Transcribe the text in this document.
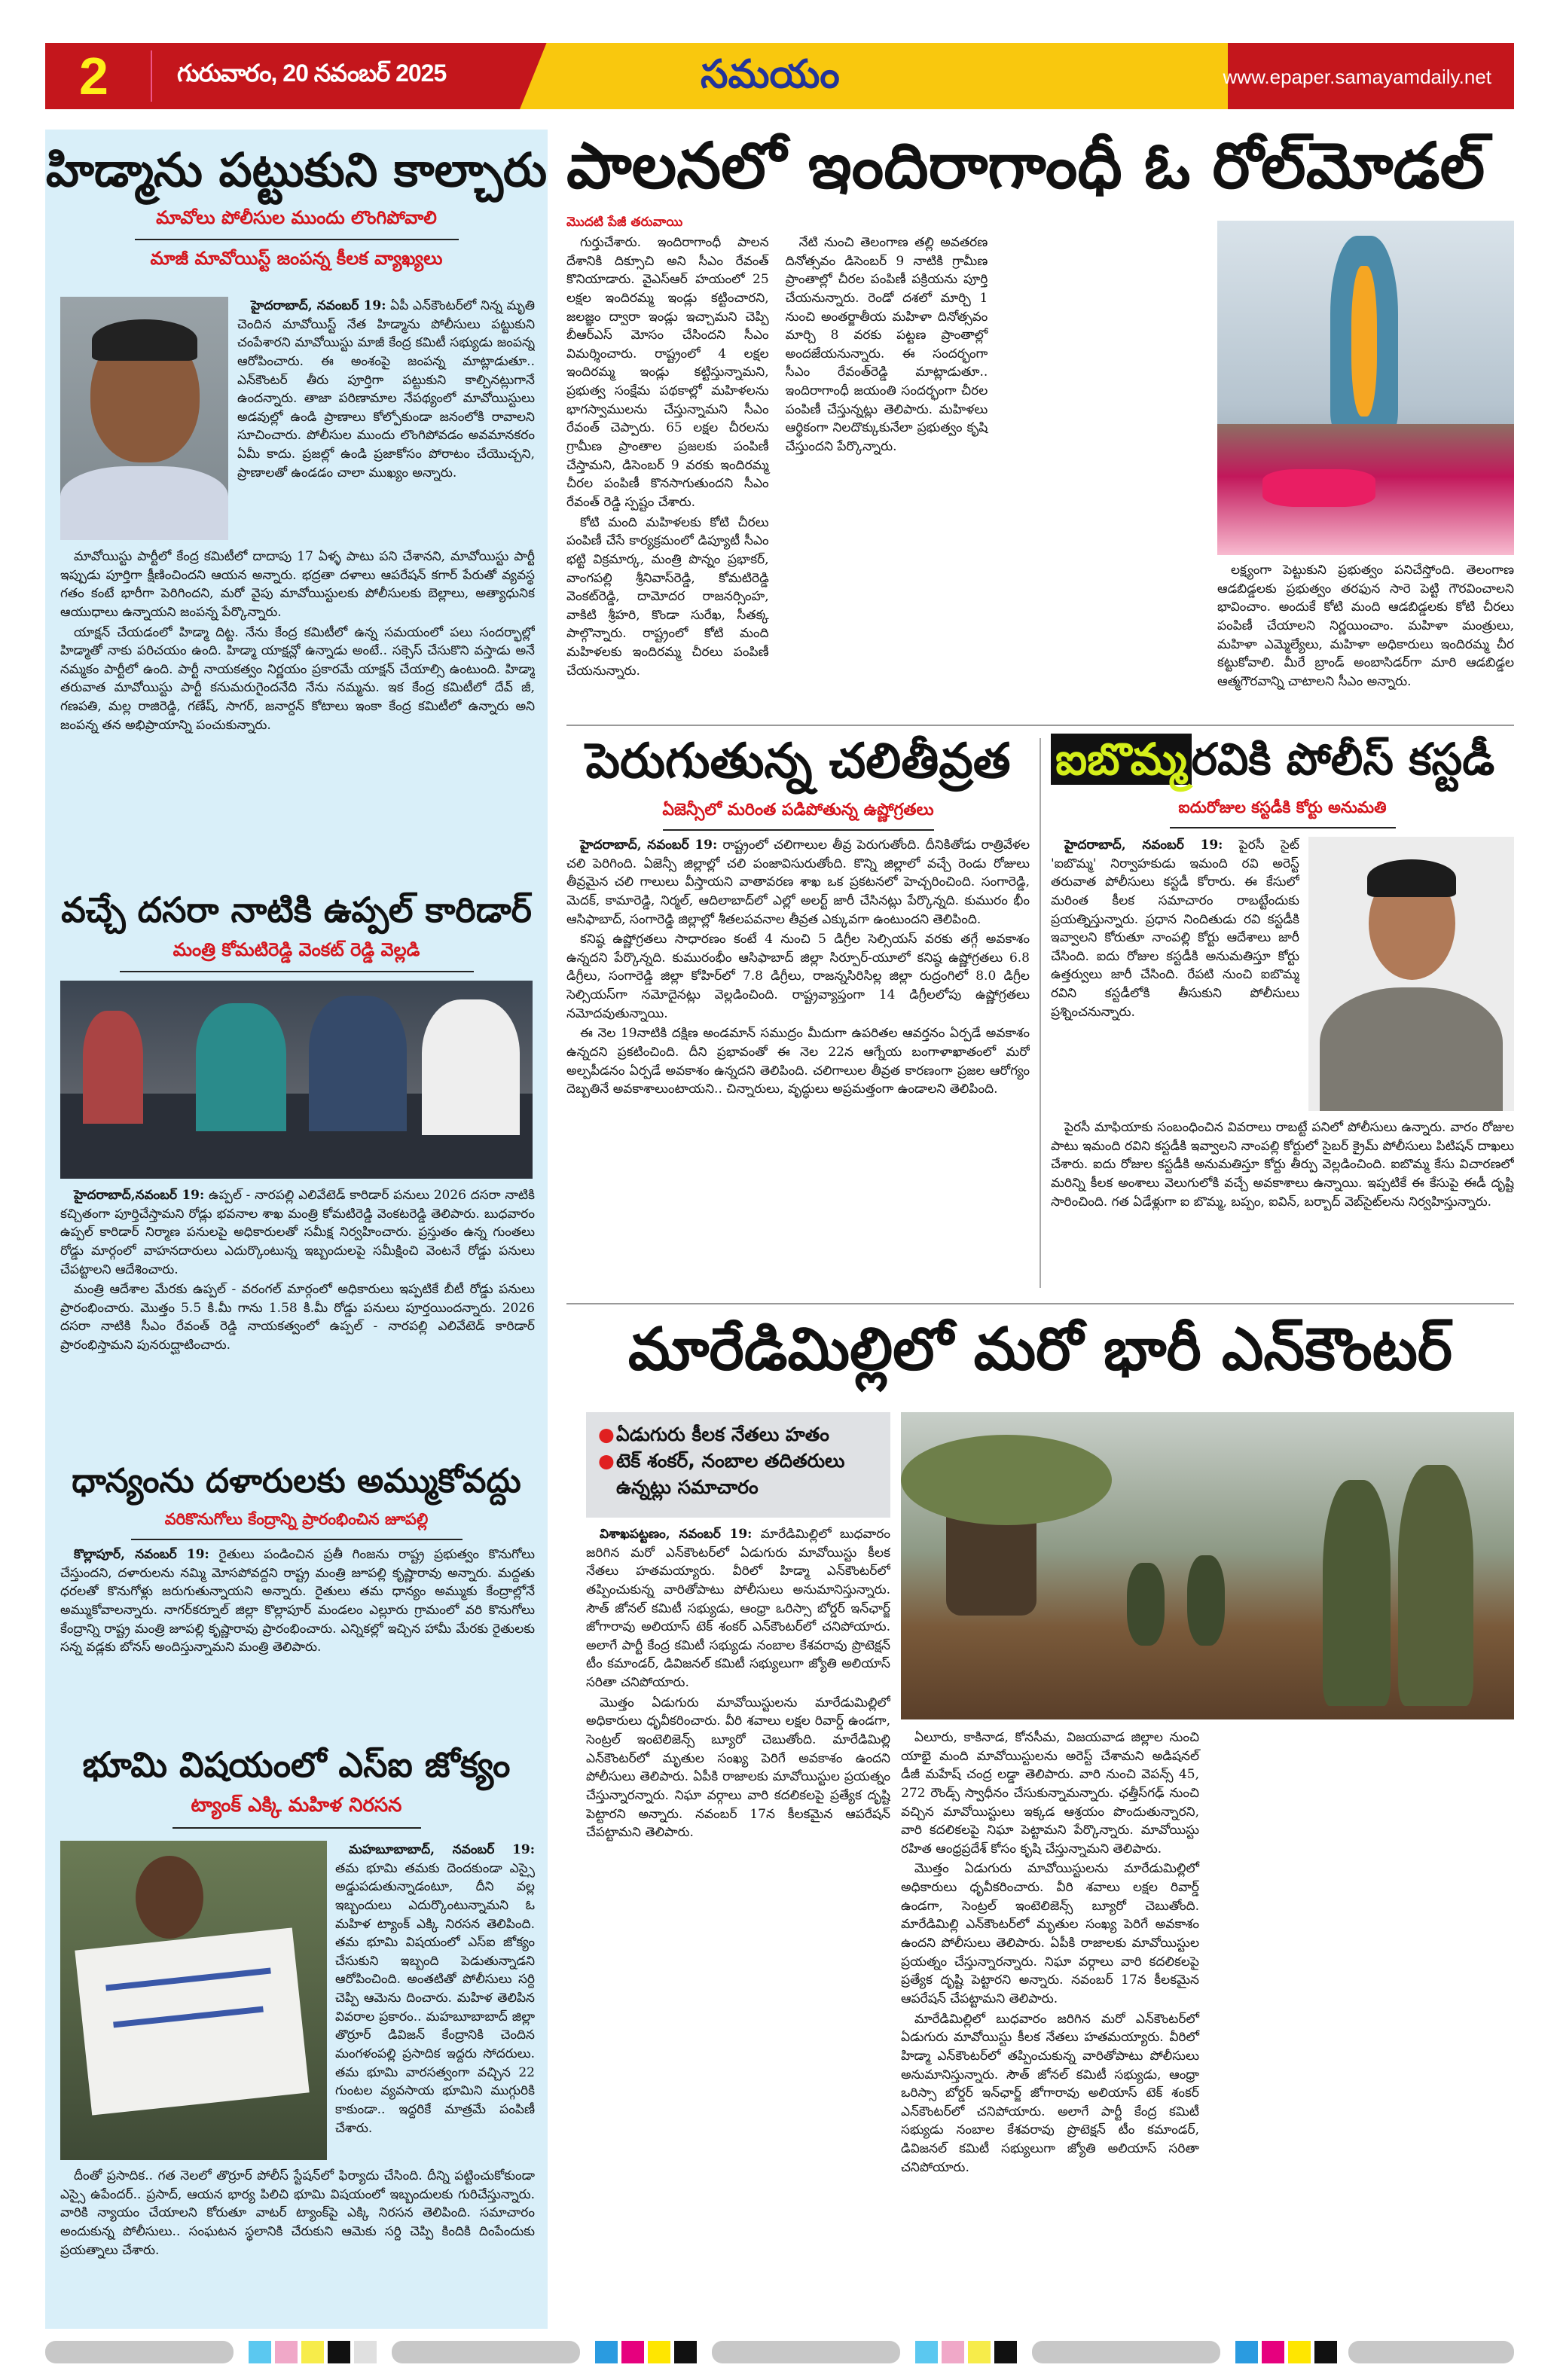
2	గురువారం, 20 నవంబర్ 2025	సమయం	www.epaper.samayamdaily.net
హిడ్మాను పట్టుకుని కాల్చారు
మావోలు పోలీసుల ముందు లొంగిపోవాలి
మాజీ మావోయిస్ట్ జంపన్న కీలక వ్యాఖ్యలు

హైదరాబాద్, నవంబర్ 19: ఏపీ ఎన్‌కౌంటర్‌లో నిన్న మృతి చెందిన మావోయిస్ట్ నేత హిడ్మాను పోలీసులు పట్టుకుని చంపేశారని మావోయిస్టు మాజీ కేంద్ర కమిటీ సభ్యుడు జంపన్న ఆరోపించారు. ఈ అంశంపై జంపన్న మాట్లాడుతూ.. ఎన్‌కౌంటర్ తీరు పూర్తిగా పట్టుకుని కాల్చినట్లుగానే ఉందన్నారు. తాజా పరిణామాల నేపథ్యంలో మావోయిస్టులు అడవుల్లో ఉండి ప్రాణాలు కోల్పోకుండా జనంలోకి రావాలని సూచించారు. పోలీసుల ముందు లొంగిపోవడం అవమానకరం ఏమీ కాదు. ప్రజల్లో ఉండి ప్రజాకోసం పోరాటం చేయొచ్చని, ప్రాణాలతో ఉండడం చాలా ముఖ్యం అన్నారు.

మావోయిస్టు పార్టీలో కేంద్ర కమిటీలో దాదాపు 17 ఏళ్ళ పాటు పని చేశానని, మావోయిస్టు పార్టీ ఇప్పుడు పూర్తిగా క్షీణించిందని ఆయన అన్నారు. భద్రతా దళాలు ఆపరేషన్ కగార్ పేరుతో వ్యవస్థ గతం కంటే భారీగా పెరిగిందని, మరో వైపు మావోయిస్టులకు పోలీసులకు బెల్లాలు, అత్యాధునిక ఆయుధాలు ఉన్నాయని జంపన్న పేర్కొన్నారు.

యాక్షన్ చేయడంలో హిడ్మా దిట్ట. నేను కేంద్ర కమిటీలో ఉన్న సమయంలో పలు సందర్భాల్లో హిడ్మాతో నాకు పరిచయం ఉంది. హిడ్మా యాక్షన్లో ఉన్నాడు అంటే.. సక్సెస్ చేసుకొని వస్తాడు అనే నమ్మకం పార్టీలో ఉంది. పార్టీ నాయకత్వం నిర్ణయం ప్రకారమే యాక్షన్ చేయాల్సి ఉంటుంది. హిడ్మా తరువాత మావోయిస్టు పార్టీ కనుమరుగైందనేది నేను నమ్మను. ఇక కేంద్ర కమిటీలో దేవ్ జీ, గణపతి, మల్ల రాజిరెడ్డి, గణేష్, సాగర్, జనార్దన్ కోటాలు ఇంకా కేంద్ర కమిటీలో ఉన్నారు అని జంపన్న తన అభిప్రాయాన్ని పంచుకున్నారు.

వచ్చే దసరా నాటికి ఉప్పల్ కారిడార్
మంత్రి కోమటిరెడ్డి వెంకట్ రెడ్డి వెల్లడి

హైదరాబాద్,నవంబర్ 19: ఉప్పల్ - నారపల్లి ఎలివేటెడ్ కారిడార్ పనులు 2026 దసరా నాటికి కచ్చితంగా పూర్తిచేస్తామని రోడ్లు భవనాల శాఖ మంత్రి కోమటిరెడ్డి వెంకటరెడ్డి తెలిపారు. బుధవారం ఉప్పల్ కారిడార్ నిర్మాణ పనులపై అధికారులతో సమీక్ష నిర్వహించారు. ప్రస్తుతం ఉన్న గుంతలు రోడ్డు మార్గంలో వాహనదారులు ఎదుర్కొంటున్న ఇబ్బందులపై సమీక్షించి వెంటనే రోడ్డు పనులు చేపట్టాలని ఆదేశించారు.

మంత్రి ఆదేశాల మేరకు ఉప్పల్ - వరంగల్ మార్గంలో అధికారులు ఇప్పటికే బీటీ రోడ్డు పనులు ప్రారంభించారు. మొత్తం 5.5 కి.మీ గాను 1.58 కి.మీ రోడ్డు పనులు పూర్తయిందన్నారు. 2026 దసరా నాటికి సీఎం రేవంత్ రెడ్డి నాయకత్వంలో ఉప్పల్ - నారపల్లి ఎలివేటెడ్ కారిడార్ ప్రారంభిస్తామని పునరుద్ఘాటించారు.

ధాన్యంను దళారులకు అమ్ముకోవద్దు
వరికొనుగోలు కేంద్రాన్ని ప్రారంభించిన జూపల్లి

కొల్లాపూర్, నవంబర్ 19: రైతులు పండించిన ప్రతీ గింజను రాష్ట్ర ప్రభుత్వం కొనుగోలు చేస్తుందని, దళారులను నమ్మి మోసపోవద్దని రాష్ట్ర మంత్రి జూపల్లి కృష్ణారావు అన్నారు. మద్దతు ధరలతో కొనుగోళ్లు జరుగుతున్నాయని అన్నారు. రైతులు తమ ధాన్యం అమ్ముకు కేంద్రాల్లోనే అమ్ముకోవాలన్నారు. నాగర్‌కర్నూల్ జిల్లా కొల్లాపూర్ మండలం ఎల్లూరు గ్రామంలో వరి కొనుగోలు కేంద్రాన్ని రాష్ట్ర మంత్రి జూపల్లి కృష్ణారావు ప్రారంభించారు. ఎన్నికల్లో ఇచ్చిన హామీ మేరకు రైతులకు సన్న వడ్లకు బోనస్ అందిస్తున్నామని మంత్రి తెలిపారు.

భూమి విషయంలో ఎస్ఐ జోక్యం
ట్యాంక్ ఎక్కి మహిళ నిరసన

మహబూబాబాద్, నవంబర్ 19: తమ భూమి తమకు దెందకుండా ఎస్సై అడ్డుపడుతున్నాడంటూ, దీని వల్ల ఇబ్బందులు ఎదుర్కొంటున్నామని ఓ మహిళ ట్యాంక్ ఎక్కి నిరసన తెలిపింది. తమ భూమి విషయంలో ఎస్ఐ జోక్యం చేసుకుని ఇబ్బంది పెడుతున్నాడని ఆరోపించింది. అంతటితో పోలీసులు సర్ది చెప్పి ఆమెను దించారు. మహిళ తెలిపిన వివరాల ప్రకారం.. మహబూబాబాద్ జిల్లా తొర్రూర్ డివిజన్ కేంద్రానికి చెందిన మంగళంపల్లి ప్రసాదిక ఇద్దరు సోదరులు. తమ భూమి వారసత్వంగా వచ్చిన 22 గుంటల వ్యవసాయ భూమిని ముగ్గురికి కాకుండా.. ఇద్దరికే మాత్రమే పంపిణీ చేశారు.

దీంతో ప్రసాదిక.. గత నెలలో తొర్రూర్ పోలీస్ స్టేషన్‌లో ఫిర్యాదు చేసింది. దీన్ని పట్టించుకోకుండా ఎస్సై ఉపేందర్.. ప్రసాద్, ఆయన భార్య పిలిచి భూమి విషయంలో ఇబ్బందులకు గురిచేస్తున్నారు. వారికి న్యాయం చేయాలని కోరుతూ వాటర్ ట్యాంక్‌పై ఎక్కి నిరసన తెలిపింది. సమాచారం అందుకున్న పోలీసులు.. సంఘటన స్థలానికి చేరుకుని ఆమెకు సర్ది చెప్పి కిందికి దింపేందుకు ప్రయత్నాలు చేశారు.

పాలనలో ఇందిరాగాంధీ ఓ రోల్‌మోడల్
మొదటి పేజీ తరువాయి

గుర్తుచేశారు. ఇందిరాగాంధీ పాలన దేశానికి దిక్సూచి అని సీఎం రేవంత్ కొనియాడారు. వైఎస్ఆర్ హయంలో 25 లక్షల ఇందిరమ్మ ఇండ్లు కట్టించారని, జలజ్ఞం ద్వారా ఇండ్లు ఇచ్చామని చెప్పి బీఆర్ఎస్ మోసం చేసిందని సీఎం విమర్శించారు. రాష్ట్రంలో 4 లక్షల ఇందిరమ్మ ఇండ్లు కట్టిస్తున్నామని, ప్రభుత్వ సంక్షేమ పథకాల్లో మహిళలను భాగస్వాములను చేస్తున్నామని సీఎం రేవంత్ చెప్పారు. 65 లక్షల చీరలను గ్రామీణ ప్రాంతాల ప్రజలకు పంపిణీ చేస్తామని, డిసెంబర్ 9 వరకు ఇందిరమ్మ చీరల పంపిణీ కొనసాగుతుందని సీఎం రేవంత్ రెడ్డి స్పష్టం చేశారు.

కోటి మంది మహిళలకు కోటి చీరలు పంపిణీ చేసే కార్యక్రమంలో డిప్యూటీ సీఎం భట్టి విక్రమార్క, మంత్రి పొన్నం ప్రభాకర్, వాంగపల్లి శ్రీనివాస్‌రెడ్డి, కోమటిరెడ్డి వెంకట్‌రెడ్డి, దామోదర రాజనర్సింహ, వాకిటి శ్రీహరి, కొండా సురేఖ, సీతక్క పాల్గొన్నారు. రాష్ట్రంలో కోటి మంది మహిళలకు ఇందిరమ్మ చీరలు పంపిణీ చేయనున్నారు.

నేటి నుంచి తెలంగాణ తల్లి అవతరణ దినోత్సవం డిసెంబర్ 9 నాటికి గ్రామీణ ప్రాంతాల్లో చీరల పంపిణీ పక్రియను పూర్తి చేయనున్నారు. రెండో దశలో మార్చి 1 నుంచి అంతర్జాతీయ మహిళా దినోత్సవం మార్చి 8 వరకు పట్టణ ప్రాంతాల్లో అందజేయనున్నారు. ఈ సందర్భంగా సీఎం రేవంత్‌రెడ్డి మాట్లాడుతూ.. ఇందిరాగాంధీ జయంతి సందర్భంగా చీరల పంపిణీ చేస్తున్నట్లు తెలిపారు. మహిళలు ఆర్థికంగా నిలదొక్కుకునేలా ప్రభుత్వం కృషి చేస్తుందని పేర్కొన్నారు.

లక్ష్యంగా పెట్టుకుని ప్రభుత్వం పనిచేస్తోంది. తెలంగాణ ఆడబిడ్డలకు ప్రభుత్వం తరఫున సారె పెట్టి గౌరవించాలని భావించాం. అందుకే కోటి మంది ఆడబిడ్డలకు కోటి చీరలు పంపిణీ చేయాలని నిర్ణయించాం. మహిళా మంత్రులు, మహిళా ఎమ్మెల్యేలు, మహిళా అధికారులు ఇందిరమ్మ చీర కట్టుకోవాలి. మీరే బ్రాండ్ అంబాసిడర్‌గా మారి ఆడబిడ్డల ఆత్మగౌరవాన్ని చాటాలని సీఎం అన్నారు.

పెరుగుతున్న చలితీవ్రత
ఏజెన్సీలో మరింత పడిపోతున్న ఉష్ణోగ్రతలు

హైదరాబాద్, నవంబర్ 19: రాష్ట్రంలో చలిగాలుల తీవ్ర పెరుగుతోంది. దీనికితోడు రాత్రివేళల చలి పెరిగింది. ఏజెన్సీ జిల్లాల్లో చలి పంజావిసురుతోంది. కొన్ని జిల్లాలో వచ్చే రెండు రోజులు తీవ్రమైన చలి గాలులు వీస్తాయని వాతావరణ శాఖ ఒక ప్రకటనలో హెచ్చరించింది. సంగారెడ్డి, మెదక్, కామారెడ్డి, నిర్మల్, ఆదిలాబాద్‌లో ఎల్లో అలర్ట్ జారీ చేసినట్లు పేర్కొన్నది. కుమురం భీం ఆసిఫాబాద్, సంగారెడ్డి జిల్లాల్లో శీతలపవనాల తీవ్రత ఎక్కువగా ఉంటుందని తెలిపింది.

కనిష్ఠ ఉష్ణోగ్రతలు సాధారణం కంటే 4 నుంచి 5 డిగ్రీల సెల్సియస్ వరకు తగ్గే అవకాశం ఉన్నదని పేర్కొన్నది. కుమురంభీం ఆసిఫాబాద్ జిల్లా సిర్పూర్-యూలో కనిష్ఠ ఉష్ణోగ్రతలు 6.8 డిగ్రీలు, సంగారెడ్డి జిల్లా కోహిర్‌లో 7.8 డిగ్రీలు, రాజన్నసిరిసిల్ల జిల్లా రుద్రంగిలో 8.0 డిగ్రీల సెల్సియస్‌గా నమోదైనట్లు వెల్లడించింది. రాష్ట్రవ్యాప్తంగా 14 డిగ్రీలలోపు ఉష్ణోగ్రతలు నమోదవుతున్నాయి.

ఈ నెల 19నాటికి దక్షిణ అండమాన్ సముద్రం మీదుగా ఉపరితల ఆవర్తనం ఏర్పడే అవకాశం ఉన్నదని ప్రకటించింది. దీని ప్రభావంతో ఈ నెల 22న ఆగ్నేయ బంగాళాఖాతంలో మరో అల్పపీడనం ఏర్పడే అవకాశం ఉన్నదని తెలిపింది. చలిగాలుల తీవ్రత కారణంగా ప్రజల ఆరోగ్యం దెబ్బతినే అవకాశాలుంటాయని.. చిన్నారులు, వృద్ధులు అప్రమత్తంగా ఉండాలని తెలిపింది.

ఐబొమ్మ రవికి పోలీస్ కస్టడీ
ఐదురోజుల కస్టడీకి కోర్టు అనుమతి

హైదరాబాద్, నవంబర్ 19: పైరసీ సైట్ 'ఐబొమ్మ' నిర్వాహకుడు ఇమంది రవి అరెస్ట్ తరువాత పోలీసులు కస్టడీ కోరారు. ఈ కేసులో మరింత కీలక సమాచారం రాబట్టేందుకు ప్రయత్నిస్తున్నారు. ప్రధాన నిందితుడు రవి కస్టడీకి ఇవ్వాలని కోరుతూ నాంపల్లి కోర్టు ఆదేశాలు జారీ చేసింది. ఐదు రోజుల కస్టడీకి అనుమతిస్తూ కోర్టు ఉత్తర్వులు జారీ చేసింది. రేపటి నుంచి ఐబొమ్మ రవిని కస్టడీలోకి తీసుకుని పోలీసులు ప్రశ్నించనున్నారు.

పైరసీ మాఫియాకు సంబంధించిన వివరాలు రాబట్టే పనిలో పోలీసులు ఉన్నారు. వారం రోజుల పాటు ఇమంది రవిని కస్టడీకి ఇవ్వాలని నాంపల్లి కోర్టులో సైబర్ క్రైమ్ పోలీసులు పిటిషన్ దాఖలు చేశారు. ఐదు రోజుల కస్టడీకి అనుమతిస్తూ కోర్టు తీర్పు వెల్లడించింది. ఐబొమ్మ కేసు విచారణలో మరిన్ని కీలక అంశాలు వెలుగులోకి వచ్చే అవకాశాలు ఉన్నాయి. ఇప్పటికే ఈ కేసుపై ఈడీ దృష్టి సారించింది. గత ఏడేళ్లుగా ఐ బొమ్మ, బప్పం, ఐవిన్, బర్బాద్ వెబ్‌సైట్‌లను నిర్వహిస్తున్నారు.

మారేడిమిల్లిలో మరో భారీ ఎన్‌కౌంటర్
● ఏడుగురు కీలక నేతలు హతం
● టెక్ శంకర్, నంబాల తదితరులు ఉన్నట్లు సమాచారం

విశాఖపట్టణం, నవంబర్ 19: మారేడిమిల్లిలో బుధవారం జరిగిన మరో ఎన్‌కౌంటర్‌లో ఏడుగురు మావోయిస్టు కీలక నేతలు హతమయ్యారు. వీరిలో హిడ్మా ఎన్‌కౌంటర్‌లో తప్పించుకున్న వారితోపాటు పోలీసులు అనుమానిస్తున్నారు. సౌత్ జోనల్ కమిటీ సభ్యుడు, ఆంధ్రా ఒరిస్సా బోర్డర్ ఇన్‌ఛార్జ్ జోగారావు అలియాస్ టెక్ శంకర్ ఎన్‌కౌంటర్‌లో చనిపోయారు. అలాగే పార్టీ కేంద్ర కమిటీ సభ్యుడు నంబాల కేశవరావు ప్రొటెక్షన్ టీం కమాండర్, డివిజనల్ కమిటీ సభ్యులుగా జ్యోతి అలియాస్ సరితా చనిపోయారు.

మొత్తం ఏడుగురు మావోయిస్టులను మారేడుమిల్లిలో అధికారులు ధృవీకరించారు. వీరి శవాలు లక్షల రివార్డ్ ఉండగా, సెంట్రల్ ఇంటెలిజెన్స్ బ్యూరో చెబుతోంది. మారేడిమిల్లి ఎన్‌కౌంటర్‌లో మృతుల సంఖ్య పెరిగే అవకాశం ఉందని పోలీసులు తెలిపారు. ఏపీకి రాజాలకు మావోయిస్టుల ప్రయత్నం చేస్తున్నారన్నారు. నిఘా వర్గాలు వారి కదలికలపై ప్రత్యేక దృష్టి పెట్టారని అన్నారు. నవంబర్ 17న కీలకమైన ఆపరేషన్ చేపట్టామని తెలిపారు.

ఏలూరు, కాకినాడ, కోనసీమ, విజయవాడ జిల్లాల నుంచి యాభై మంది మావోయిస్టులను అరెస్ట్ చేశామని అడిషనల్ డీజీ మహేష్ చంద్ర లడ్డా తెలిపారు. వారి నుంచి వెపన్స్ 45, 272 రౌండ్స్ స్వాధీనం చేసుకున్నామన్నారు. ఛత్తీస్‌గఢ్ నుంచి వచ్చిన మావోయిస్టులు ఇక్కడ ఆశ్రయం పొందుతున్నారని, వారి కదలికలపై నిఘా పెట్టామని పేర్కొన్నారు. మావోయిస్టు రహిత ఆంధ్రప్రదేశ్ కోసం కృషి చేస్తున్నామని తెలిపారు.

మొత్తం ఏడుగురు మావోయిస్టులను మారేడుమిల్లిలో అధికారులు ధృవీకరించారు. వీరి శవాలు లక్షల రివార్డ్ ఉండగా, సెంట్రల్ ఇంటెలిజెన్స్ బ్యూరో చెబుతోంది. మారేడిమిల్లి ఎన్‌కౌంటర్‌లో మృతుల సంఖ్య పెరిగే అవకాశం ఉందని పోలీసులు తెలిపారు. ఏపీకి రాజాలకు మావోయిస్టుల ప్రయత్నం చేస్తున్నారన్నారు. నిఘా వర్గాలు వారి కదలికలపై ప్రత్యేక దృష్టి పెట్టారని అన్నారు. నవంబర్ 17న కీలకమైన ఆపరేషన్ చేపట్టామని తెలిపారు.

మారేడిమిల్లిలో బుధవారం జరిగిన మరో ఎన్‌కౌంటర్‌లో ఏడుగురు మావోయిస్టు కీలక నేతలు హతమయ్యారు. వీరిలో హిడ్మా ఎన్‌కౌంటర్‌లో తప్పించుకున్న వారితోపాటు పోలీసులు అనుమానిస్తున్నారు. సౌత్ జోనల్ కమిటీ సభ్యుడు, ఆంధ్రా ఒరిస్సా బోర్డర్ ఇన్‌ఛార్జ్ జోగారావు అలియాస్ టెక్ శంకర్ ఎన్‌కౌంటర్‌లో చనిపోయారు. అలాగే పార్టీ కేంద్ర కమిటీ సభ్యుడు నంబాల కేశవరావు ప్రొటెక్షన్ టీం కమాండర్, డివిజనల్ కమిటీ సభ్యులుగా జ్యోతి అలియాస్ సరితా చనిపోయారు.
